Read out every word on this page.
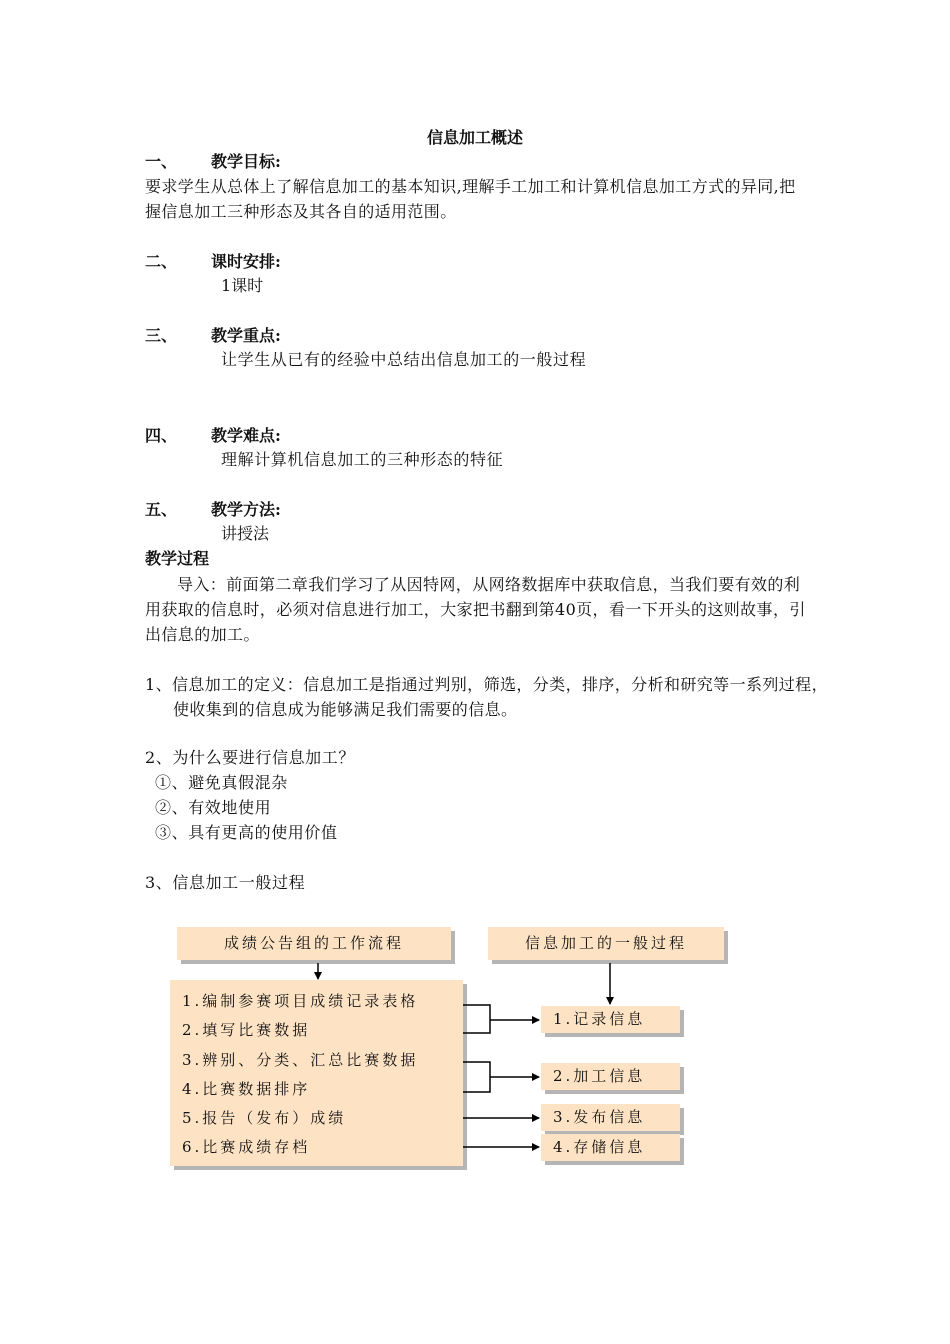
信息加工概述
一、 教学目标:
要求学生从总体上了解信息加工的基本知识,理解手工加工和计算机信息加工方式的异同,把握信息加工三种形态及其各自的适用范围。
二、 课时安排:
1课时
三、 教学重点:
让学生从已有的经验中总结出信息加工的一般过程
四、 教学难点:
理解计算机信息加工的三种形态的特征
五、 教学方法:
讲授法
教学过程
导入：前面第二章我们学习了从因特网，从网络数据库中获取信息，当我们要有效的利用获取的信息时，必须对信息进行加工，大家把书翻到第40页，看一下开头的这则故事，引出信息的加工。
1、信息加工的定义：信息加工是指通过判别，筛选，分类，排序，分析和研究等一系列过程，使收集到的信息成为能够满足我们需要的信息。
2、为什么要进行信息加工？
①、避免真假混杂
②、有效地使用
③、具有更高的使用价值
3、信息加工一般过程
成绩公告组的工作流程	信息加工的一般过程
1.编制参赛项目成绩记录表格
2.填写比赛数据
3.辨别、分类、汇总比赛数据
4.比赛数据排序
5.报告（发布）成绩
6.比赛成绩存档
1.记录信息
2.加工信息
3.发布信息
4.存储信息
